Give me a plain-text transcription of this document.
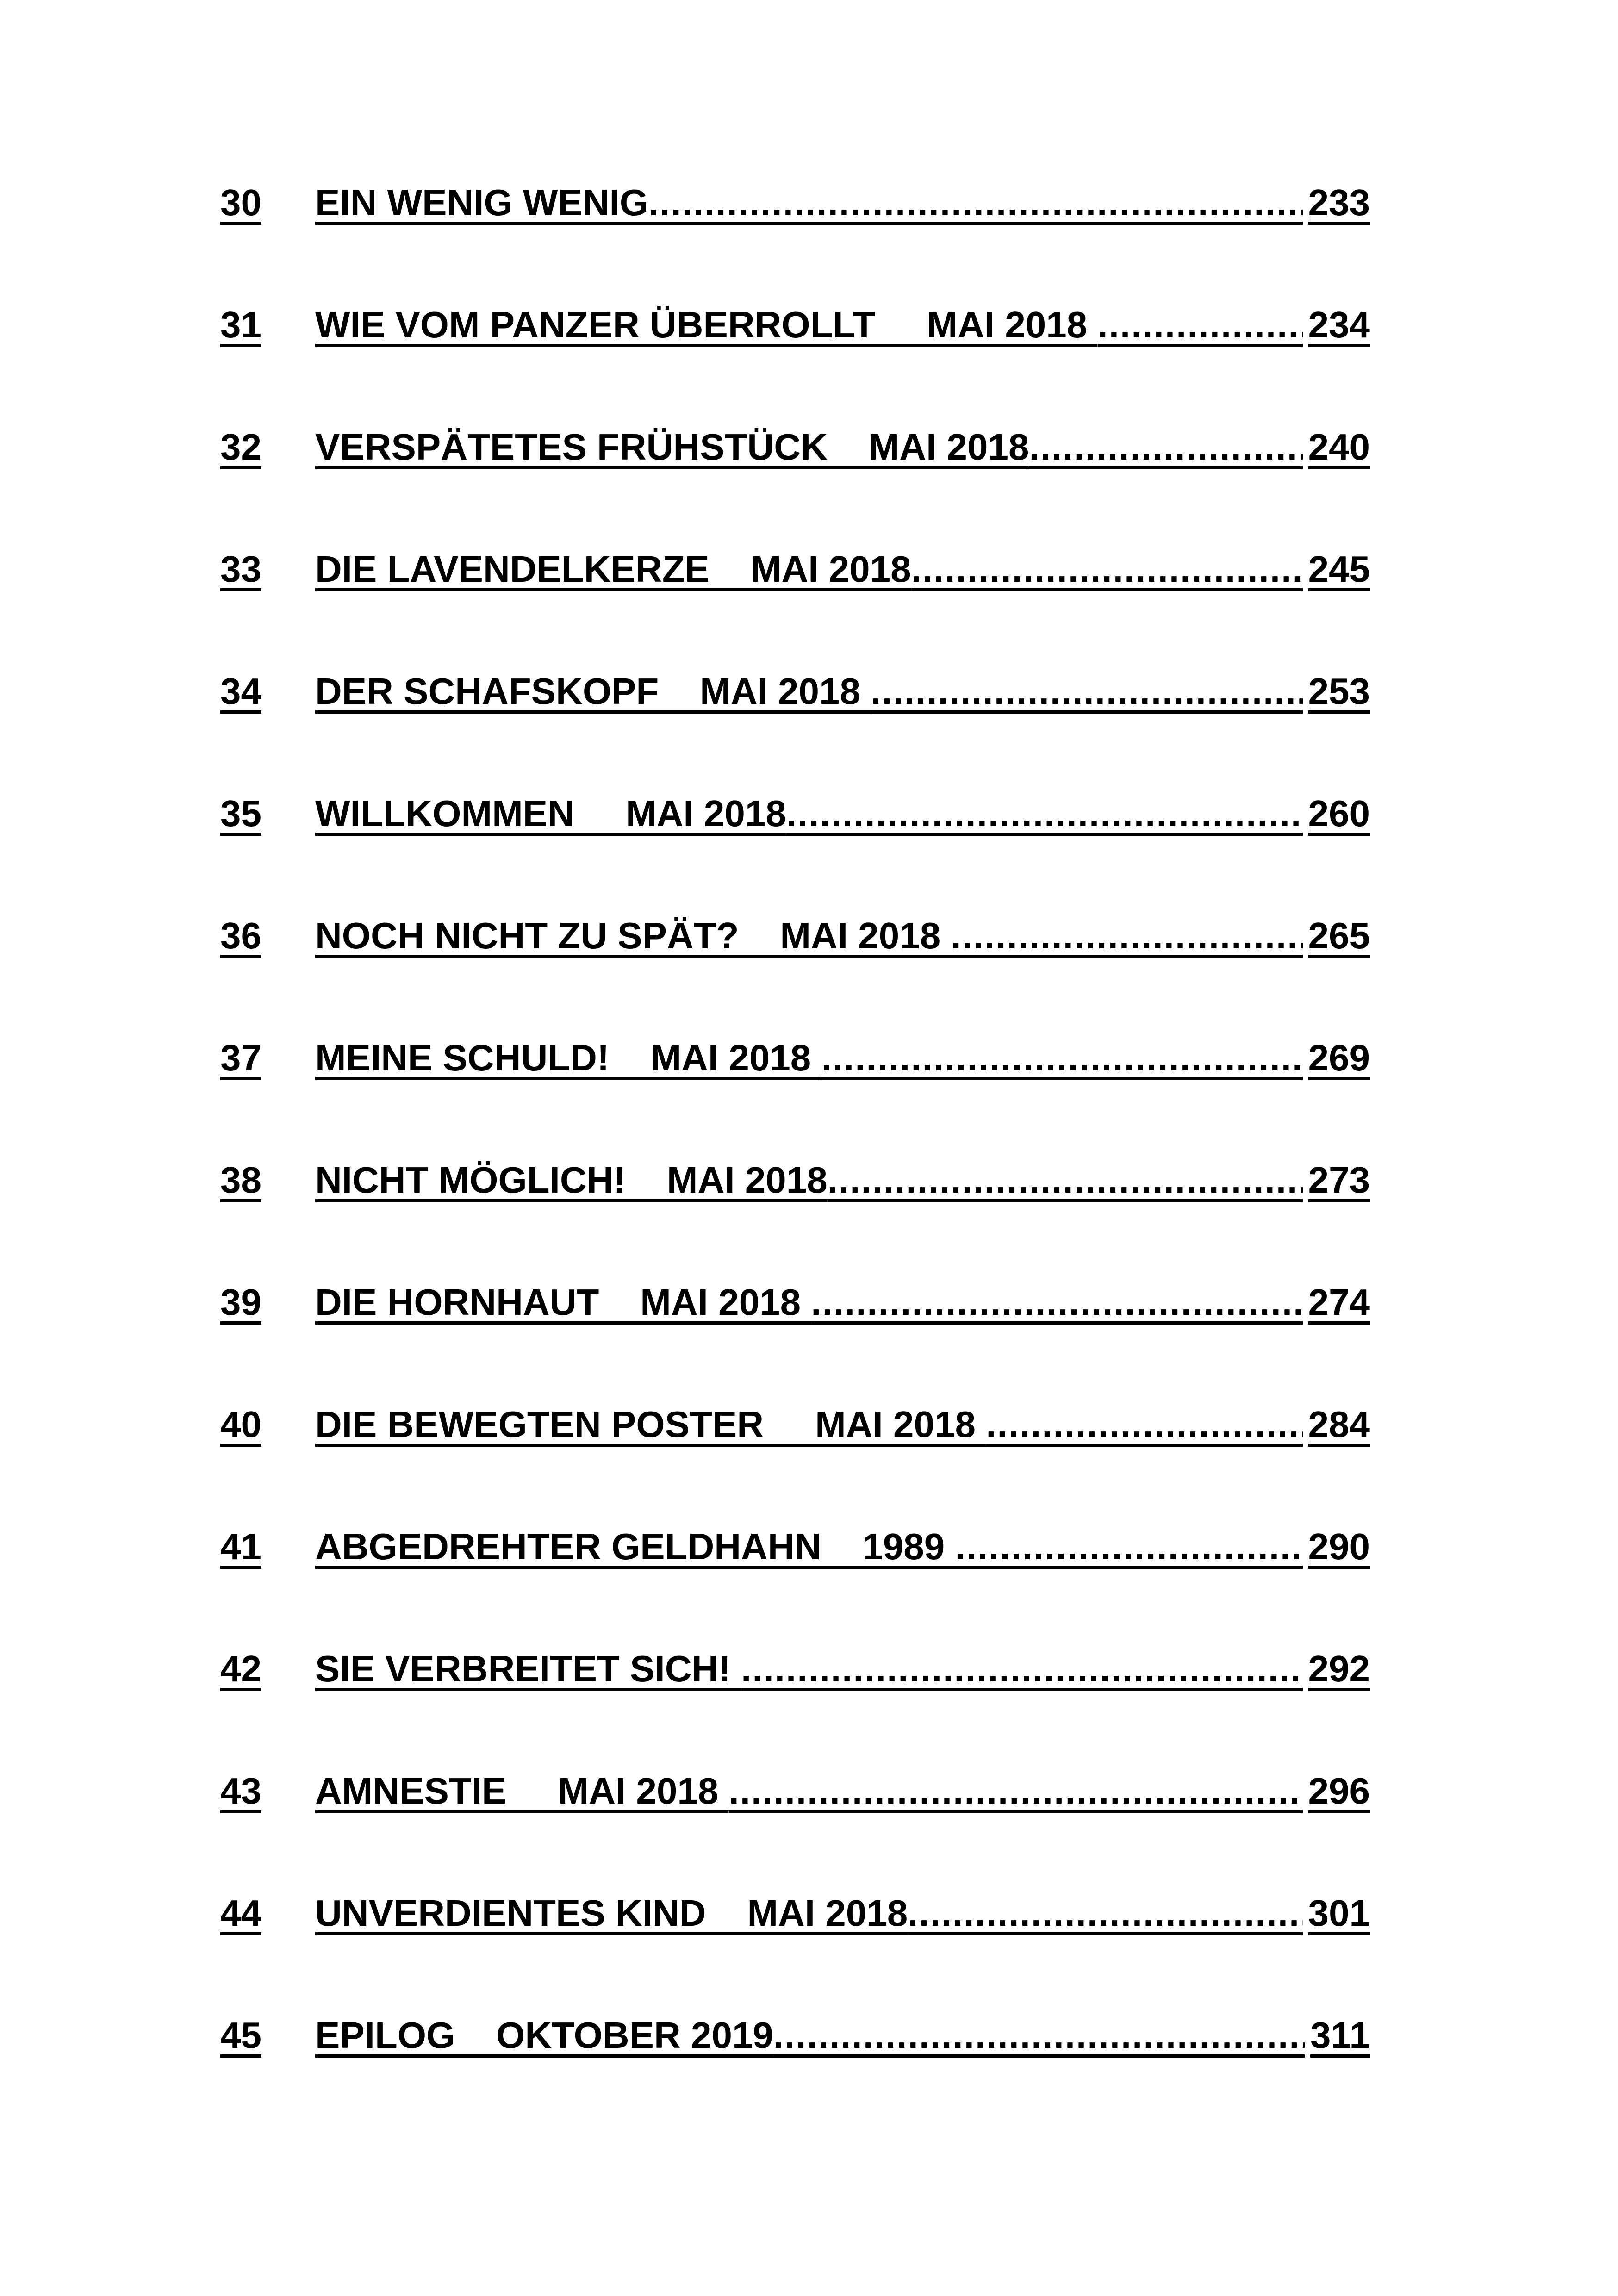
30	EIN WENIG WENIG .....	233
31	WIE VOM PANZER ÜBERROLLT     MAI 2018 .....	234
32	VERSPÄTETES FRÜHSTÜCK    MAI 2018 .....	240
33	DIE LAVENDELKERZE    MAI 2018 .....	245
34	DER SCHAFSKOPF    MAI 2018 .....	253
35	WILLKOMMEN     MAI 2018 .....	260
36	NOCH NICHT ZU SPÄT?    MAI 2018 .....	265
37	MEINE SCHULD!    MAI 2018 .....	269
38	NICHT MÖGLICH!    MAI 2018 .....	273
39	DIE HORNHAUT    MAI 2018 .....	274
40	DIE BEWEGTEN POSTER     MAI 2018 .....	284
41	ABGEDREHTER GELDHAHN    1989 .....	290
42	SIE VERBREITET SICH! .....	292
43	AMNESTIE     MAI 2018 .....	296
44	UNVERDIENTES KIND    MAI 2018 .....	301
45	EPILOG    OKTOBER 2019 .....	311
